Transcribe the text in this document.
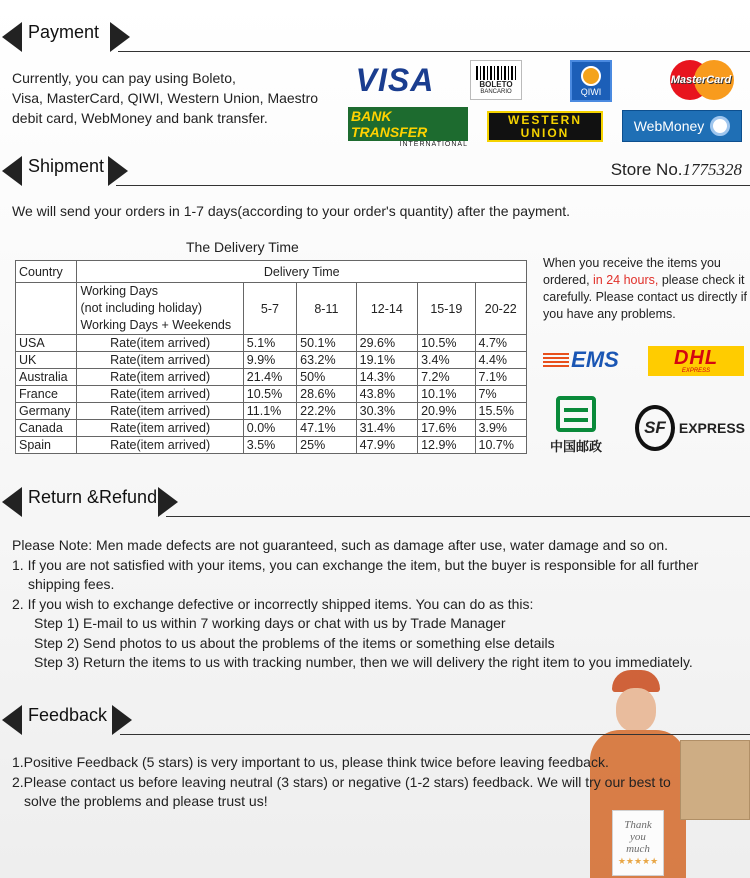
Payment
Currently, you can pay using Boleto,
Visa, MasterCard, QIWI, Western Union, Maestro
debit card, WebMoney and bank transfer.
VISA	BOLETO
BANCARIO	QIWI
MasterCard
BANK TRANSFER
INTERNATIONAL
WESTERN
UNION	WebMoney
Shipment	Store No.1775328
We will send your orders in 1-7 days(according to your order's quantity) after the payment.
The Delivery Time
Country	Delivery Time					

	Working Days
(not including holiday)
Working Days + Weekends	5-7	8-11	12-14	15-19	20-22
USA	Rate(item arrived)	5.1%	50.1%	29.6%	10.5%	4.7%
UK	Rate(item arrived)	9.9%	63.2%	19.1%	3.4%	4.4%
Australia	Rate(item arrived)	21.4%	50%	14.3%	7.2%	7.1%
France	Rate(item arrived)	10.5%	28.6%	43.8%	10.1%	7%
Germany	Rate(item arrived)	11.1%	22.2%	30.3%	20.9%	15.5%
Canada	Rate(item arrived)	0.0%	47.1%	31.4%	17.6%	3.9%
Spain	Rate(item arrived)	3.5%	25%	47.9%	12.9%	10.7%
When you receive the items you ordered, in 24 hours, please check it carefully. Please contact us directly if you have any problems.
EMS	DHL
EXPRESS
中国邮政
SF EXPRESS
Return &Refund
Please Note: Men made defects are not guaranteed, such as damage after use, water damage and so on.
1. If you are not satisfied with your items, you can exchange the item, but the buyer is responsible for all further
shipping fees.
2. If you wish to exchange defective or incorrectly shipped items. You can do as this:
Step 1) E-mail to us within 7 working days or chat with us by Trade Manager
Step 2) Send photos to us about the problems of the items or something else details
Step 3) Return the items to us with tracking number, then we will delivery the right item to you immediately.
Thank
you
much
★★★★★
Feedback
1.Positive Feedback (5 stars) is very important to us, please think twice before leaving feedback.
2.Please contact us before leaving neutral (3 stars) or negative (1-2 stars) feedback. We will try our best to
solve the problems and please trust us!
